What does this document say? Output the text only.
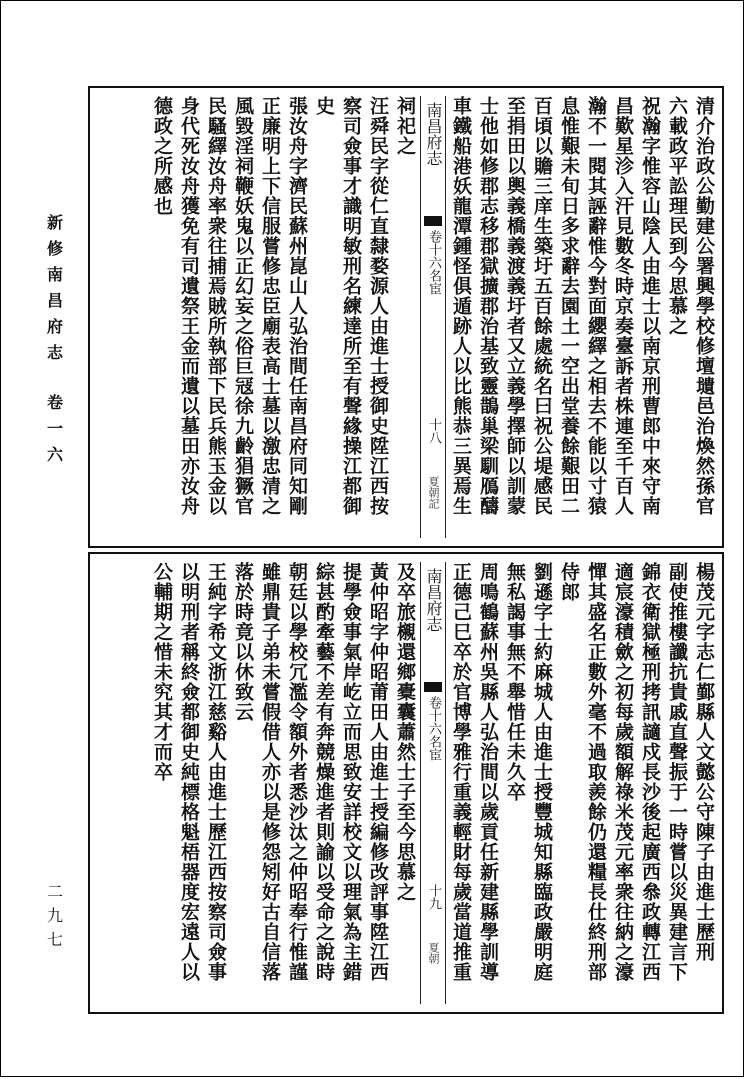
新
修
南
昌
府
志
卷
一
六
二
九
七
清介治政公勤建公署興學校修壇壝邑治煥然孫官
六載政平訟理民到今思慕之
祝瀚字惟容山陰人由進士以南京刑曹郎中來守南
昌歎星沴入汗見數冬時京奏臺訴者株連至千百人
瀚不一閱其誣辭惟今對面纓繹之相去不能以寸猿
息惟艱未旬日多求辭去園土一空出堂養餘艱田二
百頃以贍三庠生築圩五百餘處統名曰祝公堤感民
至捐田以輿義橋義渡義圩者又立義學擇師以訓蒙
士他如修郡志移郡獄擴郡治基致靈鵲巢梁馴鴈醻
車鐵船港妖龍潭鍾怪俱遁跡人以比熊恭三異焉生
南昌府志
卷十六名宦
十八
夏朝記
祠祀之
汪舜民字從仁直隸婺源人由進士授御史陞江西按
察司僉事才識明敏刑名練達所至有聲緣操江都御
史
張汝舟字濟民蘇州崑山人弘治間任南昌府同知剛
正廉明上下信服嘗修忠臣廟表高士墓以激忠清之
風毀淫祠鞭妖鬼以正幻妄之俗巨冦徐九齡猖獗官
民騷繹汝舟率衆往捕焉賊所執部下民兵熊玉金以
身代死汝舟獲免有司遺祭王金而遺以墓田亦汝舟
德政之所感也
楊茂元字志仁鄞縣人文懿公守陳子由進士歷刑
副使推樓讖抗貴戚直聲振于一時嘗以災異建言下
錦衣衛獄極刑拷訊讁戍長沙後起廣西叅政轉江西
適宸濠積歛之初每歲額解祿米茂元率衆往納之濠
憚其盛名正數外毫不過取羨餘仍還糧長仕終刑部
侍郎
劉遜字士約麻城人由進士授豐城知縣臨政嚴明庭
無私謁事無不舉惜任未久卒
周鳴鶴蘇州吳縣人弘治間以歲貢任新建縣學訓導
正德己巳卒於官博學雅行重義輕財每歲當道推重
南昌府志
卷十六名宦
十九
夏朝
及卒旅櫬還鄉橐囊蕭然士子至今思慕之
黃仲昭字仲昭莆田人由進士授編修改評事陞江西
提學僉事氣岸屹立而思致安詳校文以理氣為主錯
綜甚酌牽藝不差有奔競燥進者則諭以受命之說時
朝廷以學校冗濫令額外者悉沙汰之仲昭奉行惟謹
雖鼎貴子弟未嘗假借人亦以是修怨矧好古自信落
落於時竟以休致云
王純字希文浙江慈谿人由進士歷江西按察司僉事
以明刑者稱終僉都御史純標格魁梧器度宏遠人以
公輔期之惜未究其才而卒
